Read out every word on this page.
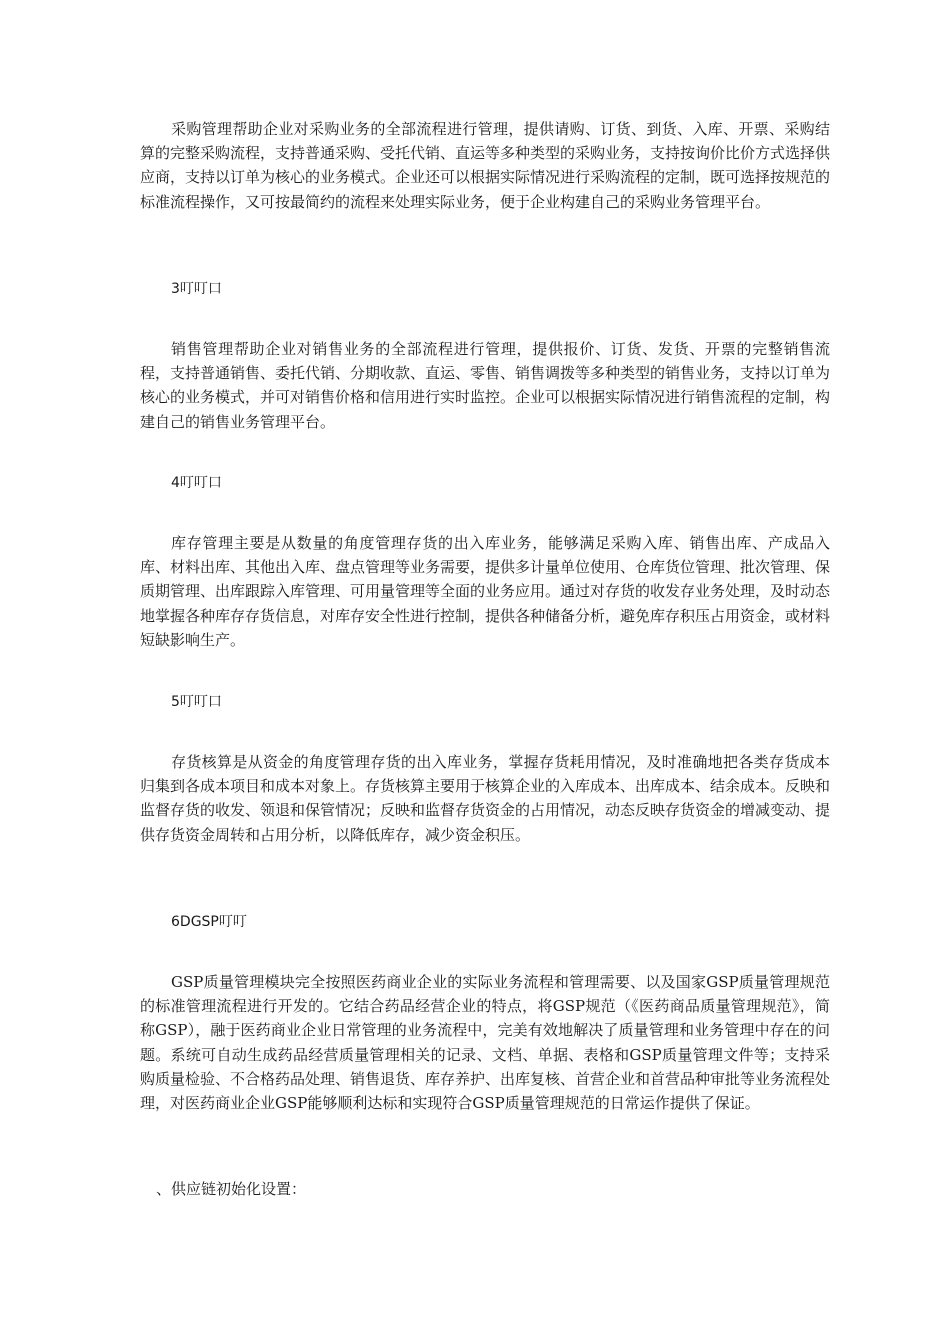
采购管理帮助企业对采购业务的全部流程进行管理，提供请购、订货、到货、入库、开票、采购结算的完整采购流程，支持普通采购、受托代销、直运等多种类型的采购业务，支持按询价比价方式选择供应商，支持以订单为核心的业务模式。企业还可以根据实际情况进行采购流程的定制，既可选择按规范的标准流程操作，又可按最简约的流程来处理实际业务，便于企业构建自己的采购业务管理平台。

3叮叮口

销售管理帮助企业对销售业务的全部流程进行管理，提供报价、订货、发货、开票的完整销售流程，支持普通销售、委托代销、分期收款、直运、零售、销售调拨等多种类型的销售业务，支持以订单为核心的业务模式，并可对销售价格和信用进行实时监控。企业可以根据实际情况进行销售流程的定制，构建自己的销售业务管理平台。

4叮叮口

库存管理主要是从数量的角度管理存货的出入库业务，能够满足采购入库、销售出库、产成品入库、材料出库、其他出入库、盘点管理等业务需要，提供多计量单位使用、仓库货位管理、批次管理、保质期管理、出库跟踪入库管理、可用量管理等全面的业务应用。通过对存货的收发存业务处理，及时动态地掌握各种库存存货信息，对库存安全性进行控制，提供各种储备分析，避免库存积压占用资金，或材料短缺影响生产。

5叮叮口

存货核算是从资金的角度管理存货的出入库业务，掌握存货耗用情况，及时准确地把各类存货成本归集到各成本项目和成本对象上。存货核算主要用于核算企业的入库成本、出库成本、结余成本。反映和监督存货的收发、领退和保管情况；反映和监督存货资金的占用情况，动态反映存货资金的增减变动、提供存货资金周转和占用分析，以降低库存，减少资金积压。

6DGSP叮叮

GSP质量管理模块完全按照医药商业企业的实际业务流程和管理需要、以及国家GSP质量管理规范的标准管理流程进行开发的。它结合药品经营企业的特点，将GSP规范（《医药商品质量管理规范》，简称GSP），融于医药商业企业日常管理的业务流程中，完美有效地解决了质量管理和业务管理中存在的问题。系统可自动生成药品经营质量管理相关的记录、文档、单据、表格和GSP质量管理文件等；支持采购质量检验、不合格药品处理、销售退货、库存养护、出库复核、首营企业和首营品种审批等业务流程处理，对医药商业企业GSP能够顺利达标和实现符合GSP质量管理规范的日常运作提供了保证。

、供应链初始化设置：
